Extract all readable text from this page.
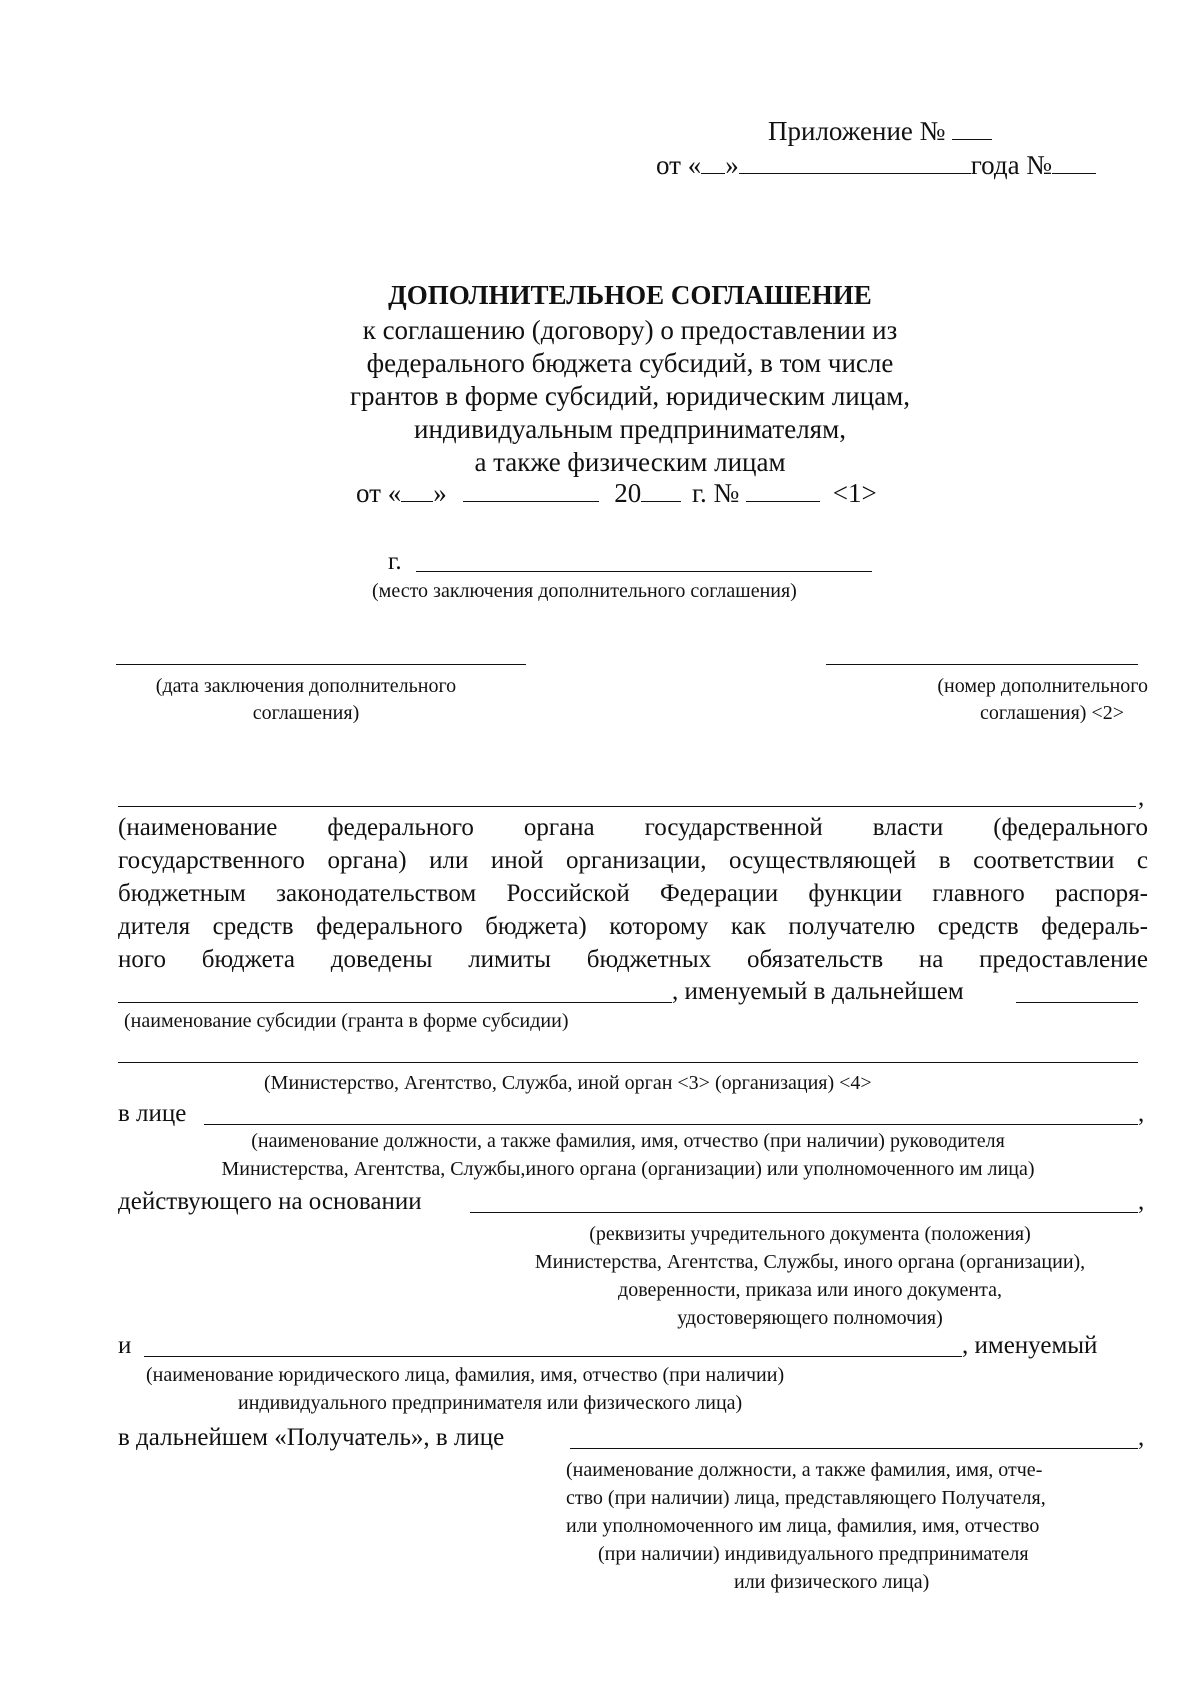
Приложение №
от « »	года №
ДОПОЛНИТЕЛЬНОЕ СОГЛАШЕНИЕ
к соглашению (договору) о предоставлении из
федерального бюджета субсидий, в том числе
грантов в форме субсидий, юридическим лицам,
индивидуальным предпринимателям,
а также физическим лицам
от « »	20 г. №	<1>
г.
(место заключения дополнительного соглашения)
(дата заключения дополнительного
соглашения)
(номер дополнительного
соглашения) <2>
,
(наименование федерального органа государственной власти (федерального
государственного органа) или иной организации, осуществляющей в соответствии с
бюджетным законодательством Российской Федерации функции главного распоря-
дителя средств федерального бюджета) которому как получателю средств федераль-
ного бюджета доведены лимиты бюджетных обязательств на предоставление
, именуемый в дальнейшем
(наименование субсидии (гранта в форме субсидии)
(Министерство, Агентство, Служба, иной орган <3> (организация) <4>
в лице	,
(наименование должности, а также фамилия, имя, отчество (при наличии) руководителя
Министерства, Агентства, Службы,иного органа (организации) или уполномоченного им лица)
действующего на основании	,
(реквизиты учредительного документа (положения)
Министерства, Агентства, Службы, иного органа (организации),
доверенности, приказа или иного документа,
удостоверяющего полномочия)
и	, именуемый
(наименование юридического лица, фамилия, имя, отчество (при наличии)
индивидуального предпринимателя или физического лица)
в дальнейшем «Получатель», в лице	,
(наименование должности, а также фамилия, имя, отче-
ство (при наличии) лица, представляющего Получателя,
или уполномоченного им лица, фамилия, имя, отчество
(при наличии) индивидуального предпринимателя
или физического лица)
